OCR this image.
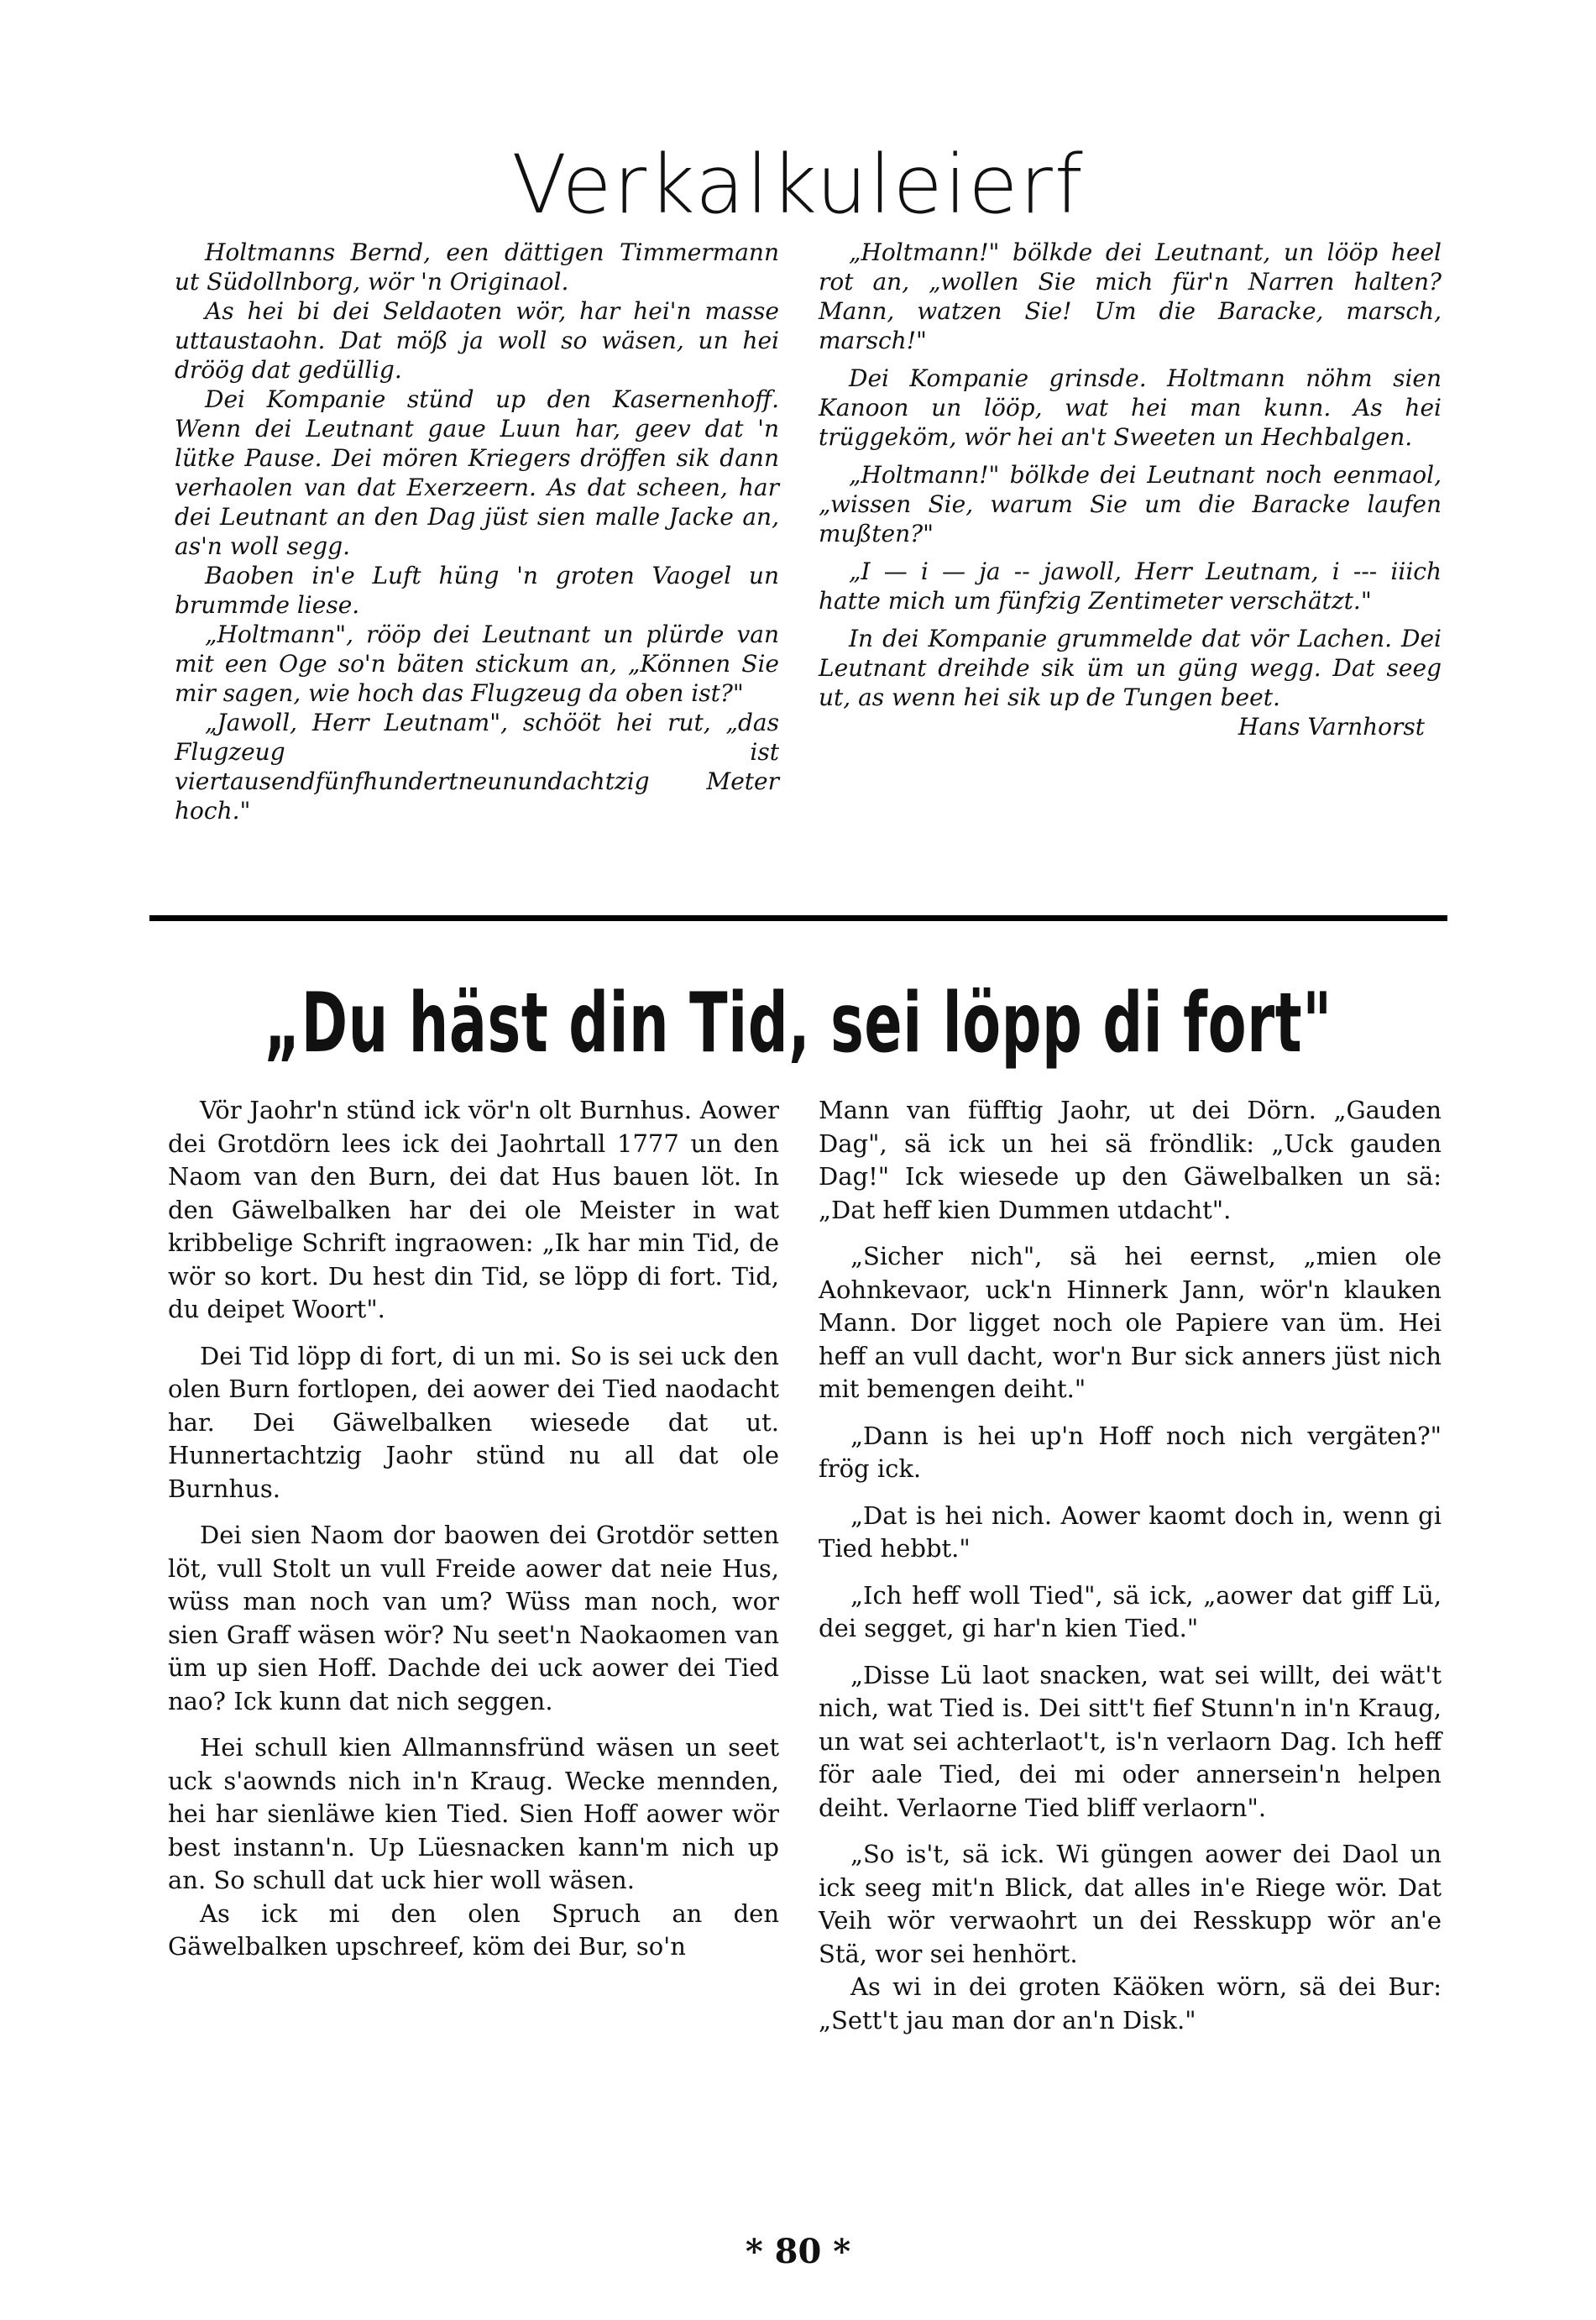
Verkalkuleierf

Holtmanns Bernd, een dättigen Timmermann ut Südollnborg, wör 'n Originaol.

As hei bi dei Seldaoten wör, har hei'n masse uttaustaohn. Dat möß ja woll so wäsen, un hei dröög dat gedüllig.

Dei Kompanie stünd up den Kasernenhoff. Wenn dei Leutnant gaue Luun har, geev dat 'n lütke Pause. Dei mören Kriegers dröffen sik dann verhaolen van dat Exerzeern. As dat scheen, har dei Leutnant an den Dag jüst sien malle Jacke an, as'n woll segg.

Baoben in'e Luft hüng 'n groten Vaogel un brummde liese.

„Holtmann", rööp dei Leutnant un plürde van mit een Oge so'n bäten stickum an, „Können Sie mir sagen, wie hoch das Flugzeug da oben ist?"

„Jawoll, Herr Leutnam", schööt hei rut, „das Flugzeug ist viertausendfünfhundertneunundachtzig Meter hoch."

„Holtmann!" bölkde dei Leutnant, un lööp heel rot an, „wollen Sie mich für'n Narren halten? Mann, watzen Sie! Um die Baracke, marsch, marsch!"

Dei Kompanie grinsde. Holtmann nöhm sien Kanoon un lööp, wat hei man kunn. As hei trüggeköm, wör hei an't Sweeten un Hechbalgen.

„Holtmann!" bölkde dei Leutnant noch eenmaol, „wissen Sie, warum Sie um die Baracke laufen mußten?"

„I — i — ja -- jawoll, Herr Leutnam, i --- iiich hatte mich um fünfzig Zentimeter verschätzt."

In dei Kompanie grummelde dat vör Lachen. Dei Leutnant dreihde sik üm un güng wegg. Dat seeg ut, as wenn hei sik up de Tungen beet.

Hans Varnhorst

„Du häst din Tid, sei löpp di fort"

Vör Jaohr'n stünd ick vör'n olt Burnhus. Aower dei Grotdörn lees ick dei Jaohrtall 1777 un den Naom van den Burn, dei dat Hus bauen löt. In den Gäwelbalken har dei ole Meister in wat kribbelige Schrift ingraowen: „Ik har min Tid, de wör so kort. Du hest din Tid, se löpp di fort. Tid, du deipet Woort".

Dei Tid löpp di fort, di un mi. So is sei uck den olen Burn fortlopen, dei aower dei Tied naodacht har. Dei Gäwelbalken wiesede dat ut. Hunnertachtzig Jaohr stünd nu all dat ole Burnhus.

Dei sien Naom dor baowen dei Grotdör setten löt, vull Stolt un vull Freide aower dat neie Hus, wüss man noch van um? Wüss man noch, wor sien Graff wäsen wör? Nu seet'n Naokaomen van üm up sien Hoff. Dachde dei uck aower dei Tied nao? Ick kunn dat nich seggen.

Hei schull kien Allmannsfründ wäsen un seet uck s'aownds nich in'n Kraug. Wecke mennden, hei har sienläwe kien Tied. Sien Hoff aower wör best instann'n. Up Lüesnacken kann'm nich up an. So schull dat uck hier woll wäsen.

As ick mi den olen Spruch an den Gäwelbalken upschreef, köm dei Bur, so'n

Mann van füfftig Jaohr, ut dei Dörn. „Gauden Dag", sä ick un hei sä fröndlik: „Uck gauden Dag!" Ick wiesede up den Gäwelbalken un sä: „Dat heff kien Dummen utdacht".

„Sicher nich", sä hei eernst, „mien ole Aohnkevaor, uck'n Hinnerk Jann, wör'n klauken Mann. Dor ligget noch ole Papiere van üm. Hei heff an vull dacht, wor'n Bur sick anners jüst nich mit bemengen deiht."

„Dann is hei up'n Hoff noch nich vergäten?" frög ick.

„Dat is hei nich. Aower kaomt doch in, wenn gi Tied hebbt."

„Ich heff woll Tied", sä ick, „aower dat giff Lü, dei segget, gi har'n kien Tied."

„Disse Lü laot snacken, wat sei willt, dei wät't nich, wat Tied is. Dei sitt't fief Stunn'n in'n Kraug, un wat sei achterlaot't, is'n verlaorn Dag. Ich heff för aale Tied, dei mi oder annersein'n helpen deiht. Verlaorne Tied bliff verlaorn".

„So is't, sä ick. Wi güngen aower dei Daol un ick seeg mit'n Blick, dat alles in'e Riege wör. Dat Veih wör verwaohrt un dei Resskupp wör an'e Stä, wor sei henhört.

As wi in dei groten Käöken wörn, sä dei Bur: „Sett't jau man dor an'n Disk."

* 80 *
